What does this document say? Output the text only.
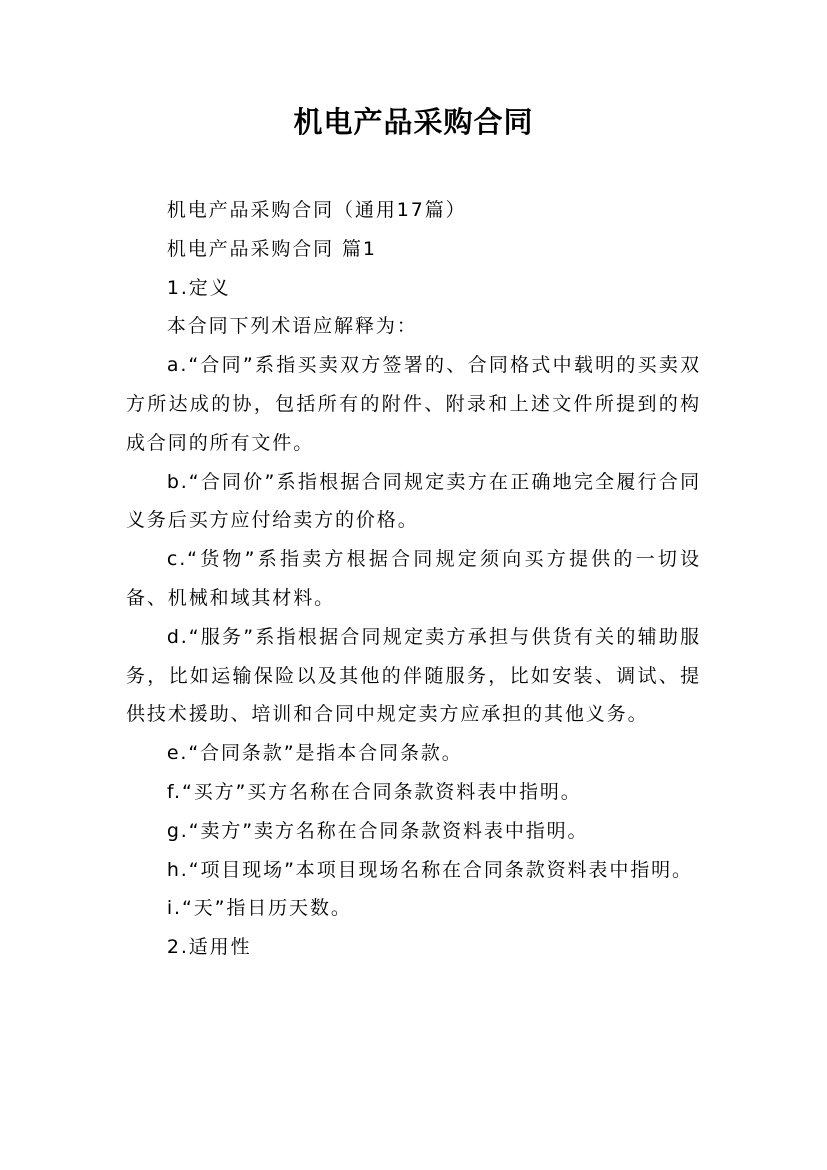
机电产品采购合同

机电产品采购合同（通用17篇）

机电产品采购合同 篇1

1.定义

本合同下列术语应解释为：

a.“合同”系指买卖双方签署的、合同格式中载明的买卖双方所达成的协，包括所有的附件、附录和上述文件所提到的构成合同的所有文件。

b.“合同价”系指根据合同规定卖方在正确地完全履行合同义务后买方应付给卖方的价格。

c.“货物”系指卖方根据合同规定须向买方提供的一切设备、机械和域其材料。

d.“服务”系指根据合同规定卖方承担与供货有关的辅助服务，比如运输保险以及其他的伴随服务，比如安装、调试、提供技术援助、培训和合同中规定卖方应承担的其他义务。

e.“合同条款”是指本合同条款。

f.“买方”买方名称在合同条款资料表中指明。

g.“卖方”卖方名称在合同条款资料表中指明。

h.“项目现场”本项目现场名称在合同条款资料表中指明。

i.“天”指日历天数。

2.适用性
